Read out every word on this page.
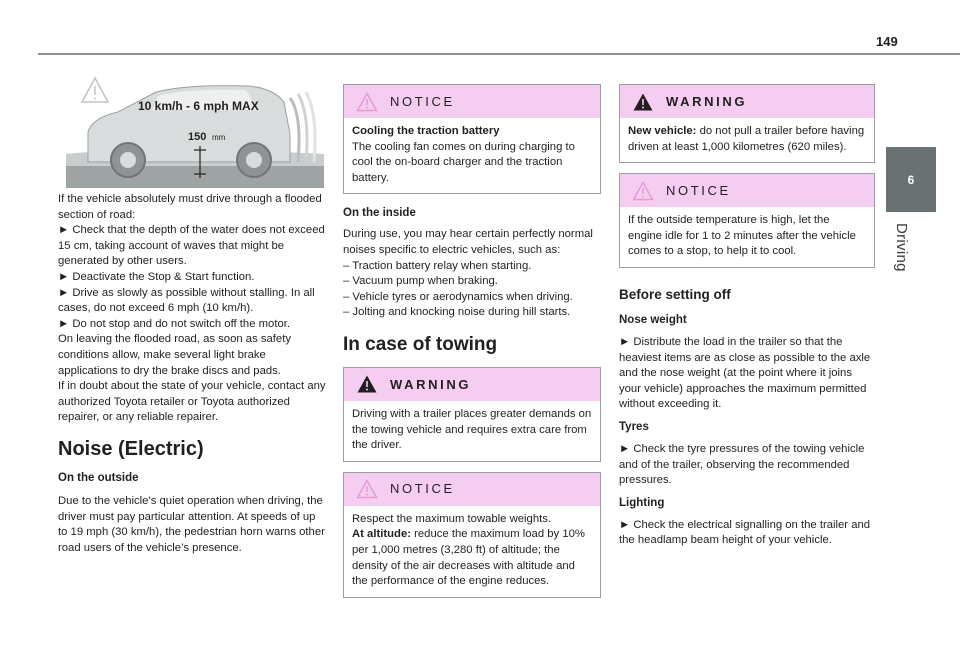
149
6
Driving
10 km/h - 6 mph MAX
150 mm

If the vehicle absolutely must drive through a flooded section of road:

► Check that the depth of the water does not exceed 15 cm, taking account of waves that might be generated by other users.

► Deactivate the Stop & Start function.

► Drive as slowly as possible without stalling. In all cases, do not exceed 6 mph (10 km/h).

► Do not stop and do not switch off the motor.

On leaving the flooded road, as soon as safety conditions allow, make several light brake applications to dry the brake discs and pads.

If in doubt about the state of your vehicle, contact any authorized Toyota retailer or Toyota authorized repairer, or any reliable repairer.

Noise (Electric)

On the outside

Due to the vehicle’s quiet operation when driving, the driver must pay particular attention. At speeds of up to 19 mph (30 km/h), the pedestrian horn warns other road users of the vehicle’s presence.

NOTICE

Cooling the traction battery

The cooling fan comes on during charging to cool the on-board charger and the traction battery.

On the inside

During use, you may hear certain perfectly normal noises specific to electric vehicles, such as:

– Traction battery relay when starting.

– Vacuum pump when braking.

– Vehicle tyres or aerodynamics when driving.

– Jolting and knocking noise during hill starts.

In case of towing

WARNING

Driving with a trailer places greater demands on the towing vehicle and requires extra care from the driver.

NOTICE

Respect the maximum towable weights.

At altitude: reduce the maximum load by 10% per 1,000 metres (3,280 ft) of altitude; the density of the air decreases with altitude and the performance of the engine reduces.

WARNING

New vehicle: do not pull a trailer before having driven at least 1,000 kilometres (620 miles).

NOTICE

If the outside temperature is high, let the engine idle for 1 to 2 minutes after the vehicle comes to a stop, to help it to cool.

Before setting off

Nose weight

► Distribute the load in the trailer so that the heaviest items are as close as possible to the axle and the nose weight (at the point where it joins your vehicle) approaches the maximum permitted without exceeding it.

Tyres

► Check the tyre pressures of the towing vehicle and of the trailer, observing the recommended pressures.

Lighting

► Check the electrical signalling on the trailer and the headlamp beam height of your vehicle.
